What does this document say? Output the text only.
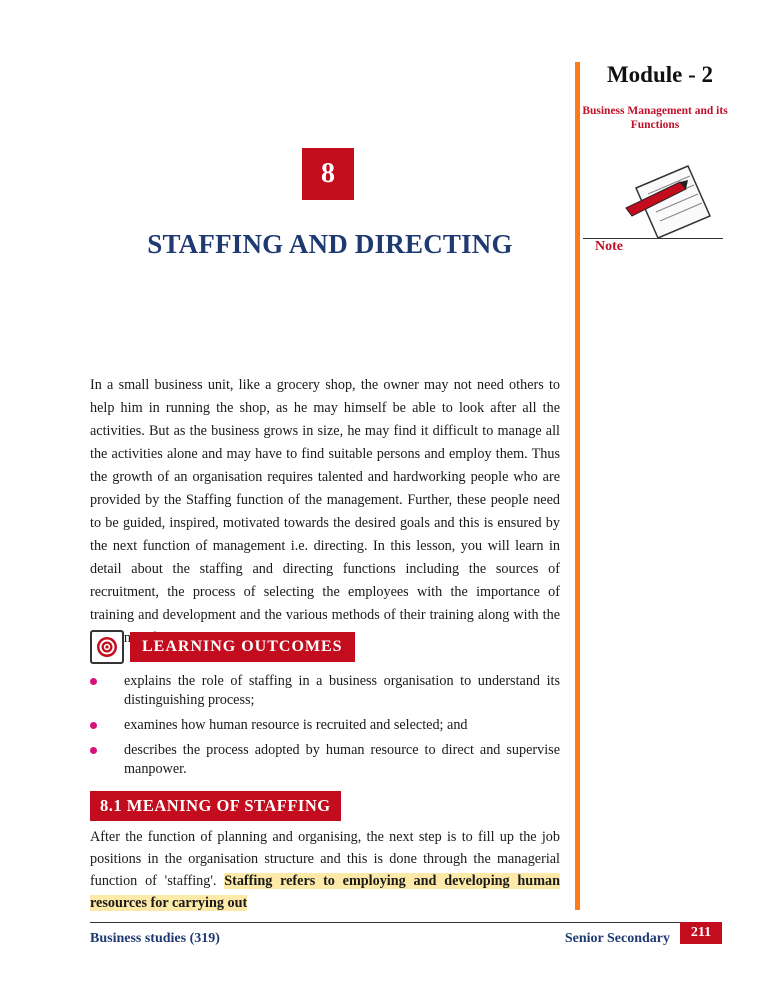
Module - 2
Business Management and its Functions
Note
8
STAFFING AND DIRECTING
In a small business unit, like a grocery shop, the owner may not need others to help him in running the shop, as he may himself be able to look after all the activities. But as the business grows in size, he may find it difficult to manage all the activities alone and may have to find suitable persons and employ them. Thus the growth of an organisation requires talented and hardworking people who are provided by the Staffing function of the management. Further, these people need to be guided, inspired, motivated towards the desired goals and this is ensured by the next function of management i.e. directing. In this lesson, you will learn in detail about the staffing and directing functions including the sources of recruitment, the process of selecting the employees with the importance of training and development and the various methods of their training along with the
LEARNING OUTCOMES
explains the role of staffing in a business organisation to understand its distinguishing process;
examines how human resource is recruited and selected; and
describes the process adopted by human resource to direct and supervise manpower.
8.1 MEANING OF STAFFING
After the function of planning and organising, the next step is to fill up the job positions in the organisation structure and this is done through the managerial function of 'staffing'. Staffing refers to employing and developing human resources for carrying out
Business studies (319)	Senior Secondary	211
